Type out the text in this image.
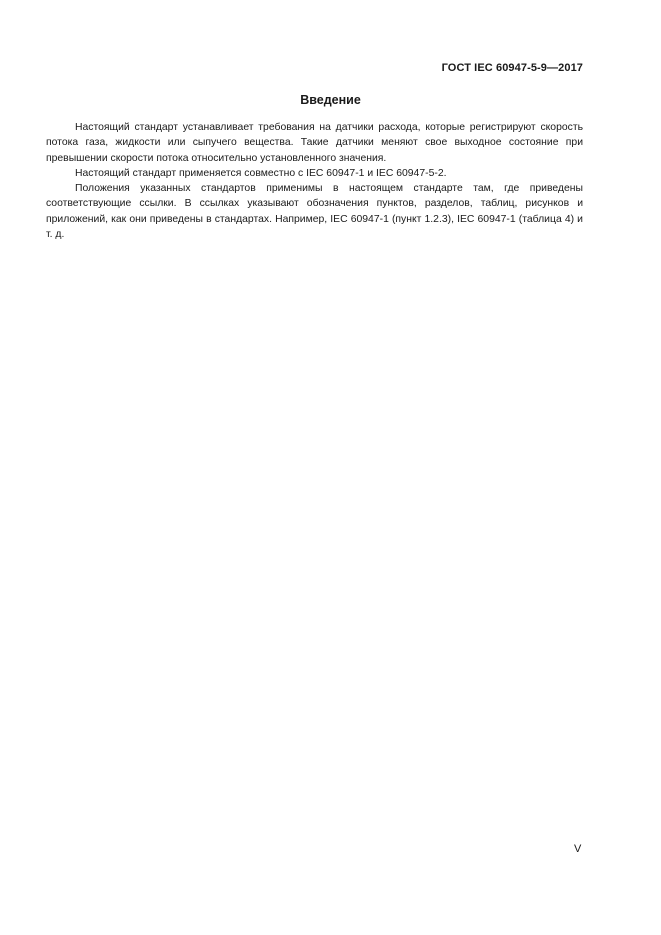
ГОСТ IEC 60947-5-9—2017
Введение

Настоящий стандарт устанавливает требования на датчики расхода, которые регистрируют скорость потока газа, жидкости или сыпучего вещества. Такие датчики меняют свое выходное состояние при превышении скорости потока относительно установленного значения.

Настоящий стандарт применяется совместно с IEC 60947-1 и IEC 60947-5-2.

Положения указанных стандартов применимы в настоящем стандарте там, где приведены соответствующие ссылки. В ссылках указывают обозначения пунктов, разделов, таблиц, рисунков и приложений, как они приведены в стандартах. Например, IEC 60947-1 (пункт 1.2.3), IEC 60947-1 (таблица 4) и т. д.

V
